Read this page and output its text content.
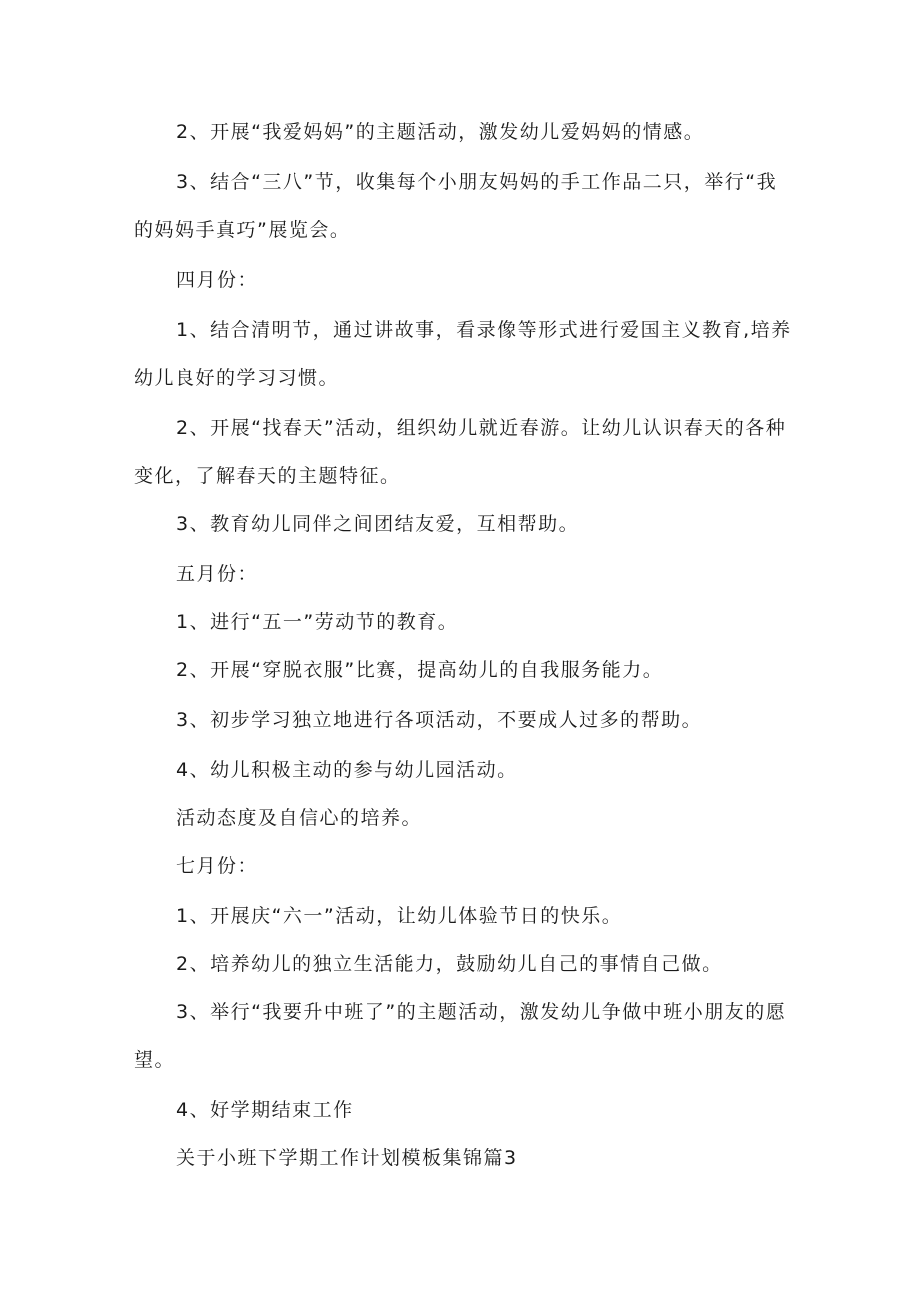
2、开展“我爱妈妈”的主题活动，激发幼儿爱妈妈的情感。
3、结合“三八”节，收集每个小朋友妈妈的手工作品二只，举行“我
的妈妈手真巧”展览会。
四月份：
1、结合清明节，通过讲故事，看录像等形式进行爱国主义教育,培养
幼儿良好的学习习惯。
2、开展“找春天”活动，组织幼儿就近春游。让幼儿认识春天的各种
变化，了解春天的主题特征。
3、教育幼儿同伴之间团结友爱，互相帮助。
五月份：
1、进行“五一”劳动节的教育。
2、开展“穿脱衣服”比赛，提高幼儿的自我服务能力。
3、初步学习独立地进行各项活动，不要成人过多的帮助。
4、幼儿积极主动的参与幼儿园活动。
活动态度及自信心的培养。
七月份：
1、开展庆“六一”活动，让幼儿体验节日的快乐。
2、培养幼儿的独立生活能力，鼓励幼儿自己的事情自己做。
3、举行“我要升中班了”的主题活动，激发幼儿争做中班小朋友的愿
望。
4、好学期结束工作
关于小班下学期工作计划模板集锦篇3
